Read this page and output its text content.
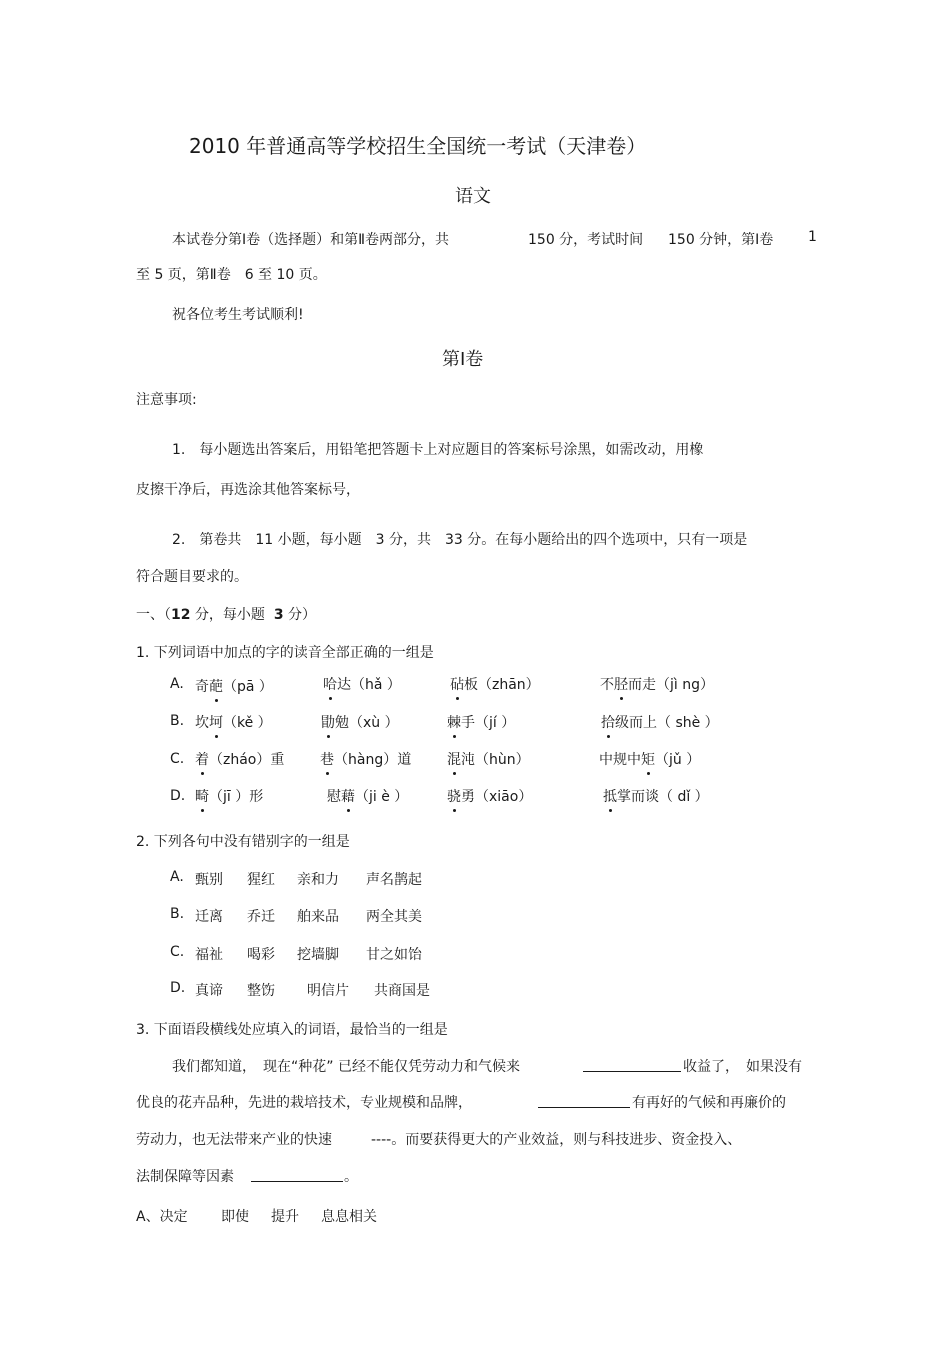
2010 年普通高等学校招生全国统一考试（天津卷）
语文
本试卷分第Ⅰ卷（选择题）和第Ⅱ卷两部分，共	150 分，考试时间 150 分钟，第Ⅰ卷 1
至 5 页，第Ⅱ卷　6 至 10 页。
祝各位考生考试顺利!
第Ⅰ卷
注意事项:
1.　每小题选出答案后，用铅笔把答题卡上对应题目的答案标号涂黑，如需改动，用橡
皮擦干净后，再选涂其他答案标号，
2.　第卷共　11 小题，每小题　3 分，共　33 分。在每小题给出的四个选项中，只有一项是
符合题目要求的。
一、（12 分，每小题 3 分）
1. 下列词语中加点的字的读音全部正确的一组是
A. 奇葩（pā ）	哈达（hǎ ）	砧板（zhān）	不胫而走（jì ng）
B. 坎坷（kě ）	勖勉（xù ）	棘手（jí ）	拾级而上（ shè ）
C. 着（zháo）重	巷（hàng）道	混沌（hùn）	中规中矩（jǔ ）
D. 畸（jī ）形	慰藉（ji è ）	骁勇（xiāo）	抵掌而谈（ dǐ ）
2. 下列各句中没有错别字的一组是
A. 甄别 猩红 亲和力 声名鹊起
B. 迁离 乔迁 舶来品 两全其美
C. 福祉 喝彩 挖墙脚 甘之如饴
D. 真谛 整饬 明信片 共商国是
3. 下面语段横线处应填入的词语，最恰当的一组是
我们都知道，　现在“种花” 已经不能仅凭劳动力和气候来	收益了，　如果没有
优良的花卉品种，先进的栽培技术，专业规模和品牌，	有再好的气候和再廉价的
劳动力，也无法带来产业的快速	----。而要获得更大的产业效益，则与科技进步、资金投入、
法制保障等因素	。
A、决定 即使 提升 息息相关
